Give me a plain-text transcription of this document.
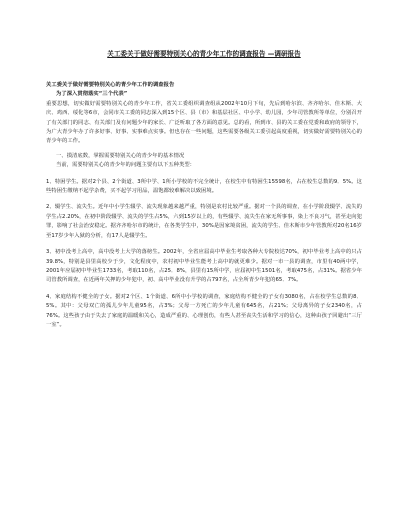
关工委关于做好需要特别关心的青少年工作的调查报告 —调研报告

关工委关于做好需要特别关心的青少年工作的调查报告

为了深入贯彻落实“三个代表”

重要思想，切实做好需要特别关心的青少年工作，省关工委组织调查组从2002年10月下旬，先后到哈尔滨、齐齐哈尔、佳木斯、大庆、鸡西、绥化等6市，会同市关工委的同志深入到15个区、县（市）和基层社区、中小学、幼儿园，少年司管教所等单位，分别召开了有关部门的同志、有关部门及有问题少年的家长、广泛听取了各方面的意见。总的看，所到市、县的关工委在党委和政府的领导下，为广大青少年办了许多好事、好事、实事难点实事。但也存在一些问题，这些需要各级关工委引起高度重视，切实做好需要特别关心的青少年的工作。

一、摸清底数，掌握需要特别关心的青少年的基本情况

当前，需要特别关心的青少年的问题主要有以下五种类型：

1、特困学生。据对2个县、2个街道、3所中学、1所小学校的不完全统计，在校生中有特困生15598名，占在校生总数的9．5%。这些特困生缴纳不起学杂费，买不起学习用品，温饱都较难解决以致困境。

2、辍学生、流失生。近年中小学生辍学、流失现象越来越严重，特别是农村比较严重。据对一个县的调查，在小学阶段辍学、流失的学生占2.20%，在初中阶段辍学、流失的学生占5%，六到15岁以上的，有些辍学、流失生在家无所事事，染上不良习气，甚至走向犯罪，影响了社会治安稳定。据齐齐哈尔市的统计，在各类学生中，30%是因家境贫困，流失的学生、佳木斯市少年管教所对20名16岁至17岁少年入狱的分析，有17人是辍学生。

3、初中没考上高中，高中没考上大学的落榜生。2002年，全省应届高中毕业生考取各种大专院校达70%，初中毕业考上高中的只占39.8%，特别是县里高校少于少，文化程度中，农村初中毕业生能考上高中的就更难少。据对一市一县的调查，市里有40两中学，2001年应届初中毕业生1733名，考取110名，占25．8%，县里有15所中学，应届初中生1501名，考取475名，占31%。据省少年司管教所调查，在近两年关押的少年犯中，初、高中毕业没有升学的占797名，占全所青少年犯的65．7%。

4、家庭结构不健全的子女。据对2个区、1个街道、6所中小学校的调查，家庭结构不健全的子女有3080名，占在校学生总数的8．5%。其中：父母双亡的孤儿少年儿童95名，占3%；父母一方死亡的少年儿童有645名，占21%；父母离异的子女2340名，占76%。这些孩子由于失去了家庭的温暖和关心，造成严重的、心理创伤，有些人甚至丧失生活和学习的信心，这种由孩子回避出“三厅一室”。
